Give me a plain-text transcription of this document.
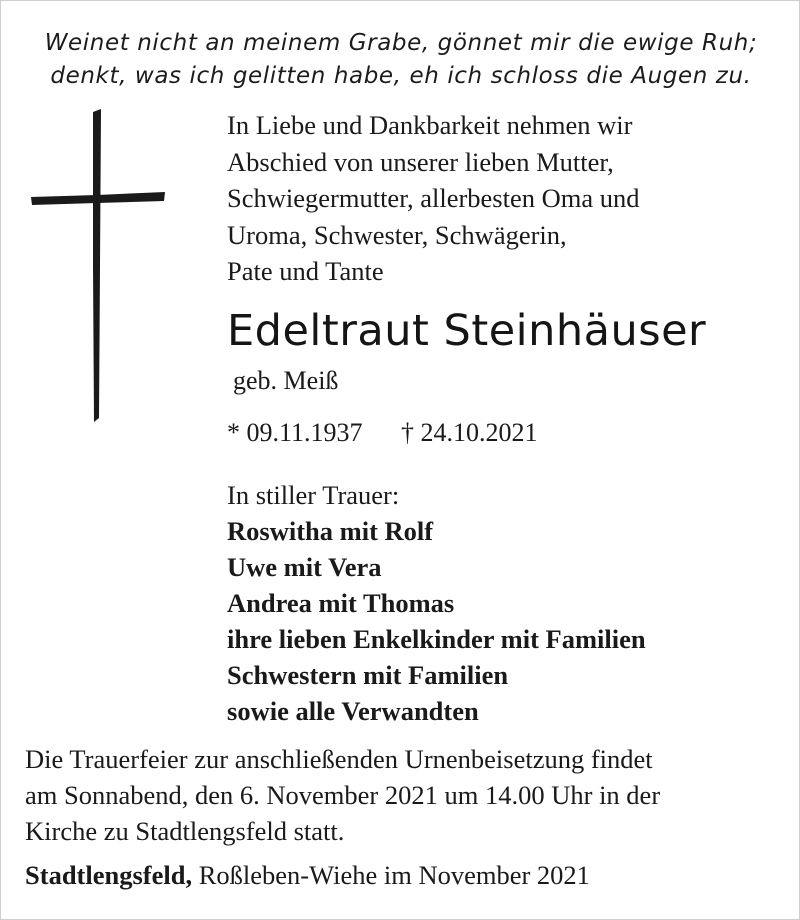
Weinet nicht an meinem Grabe, gönnet mir die ewige Ruh;
denkt, was ich gelitten habe, eh ich schloss die Augen zu.
In Liebe und Dankbarkeit nehmen wir
Abschied von unserer lieben Mutter,
Schwiegermutter, allerbesten Oma und
Uroma, Schwester, Schwägerin,
Pate und Tante
Edeltraut Steinhäuser
geb. Meiß
* 09.11.1937 † 24.10.2021
In stiller Trauer:
Roswitha mit Rolf
Uwe mit Vera
Andrea mit Thomas
ihre lieben Enkelkinder mit Familien
Schwestern mit Familien
sowie alle Verwandten
Die Trauerfeier zur anschließenden Urnenbeisetzung findet
am Sonnabend, den 6. November 2021 um 14.00 Uhr in der
Kirche zu Stadtlengsfeld statt.
Stadtlengsfeld, Roßleben-Wiehe im November 2021
